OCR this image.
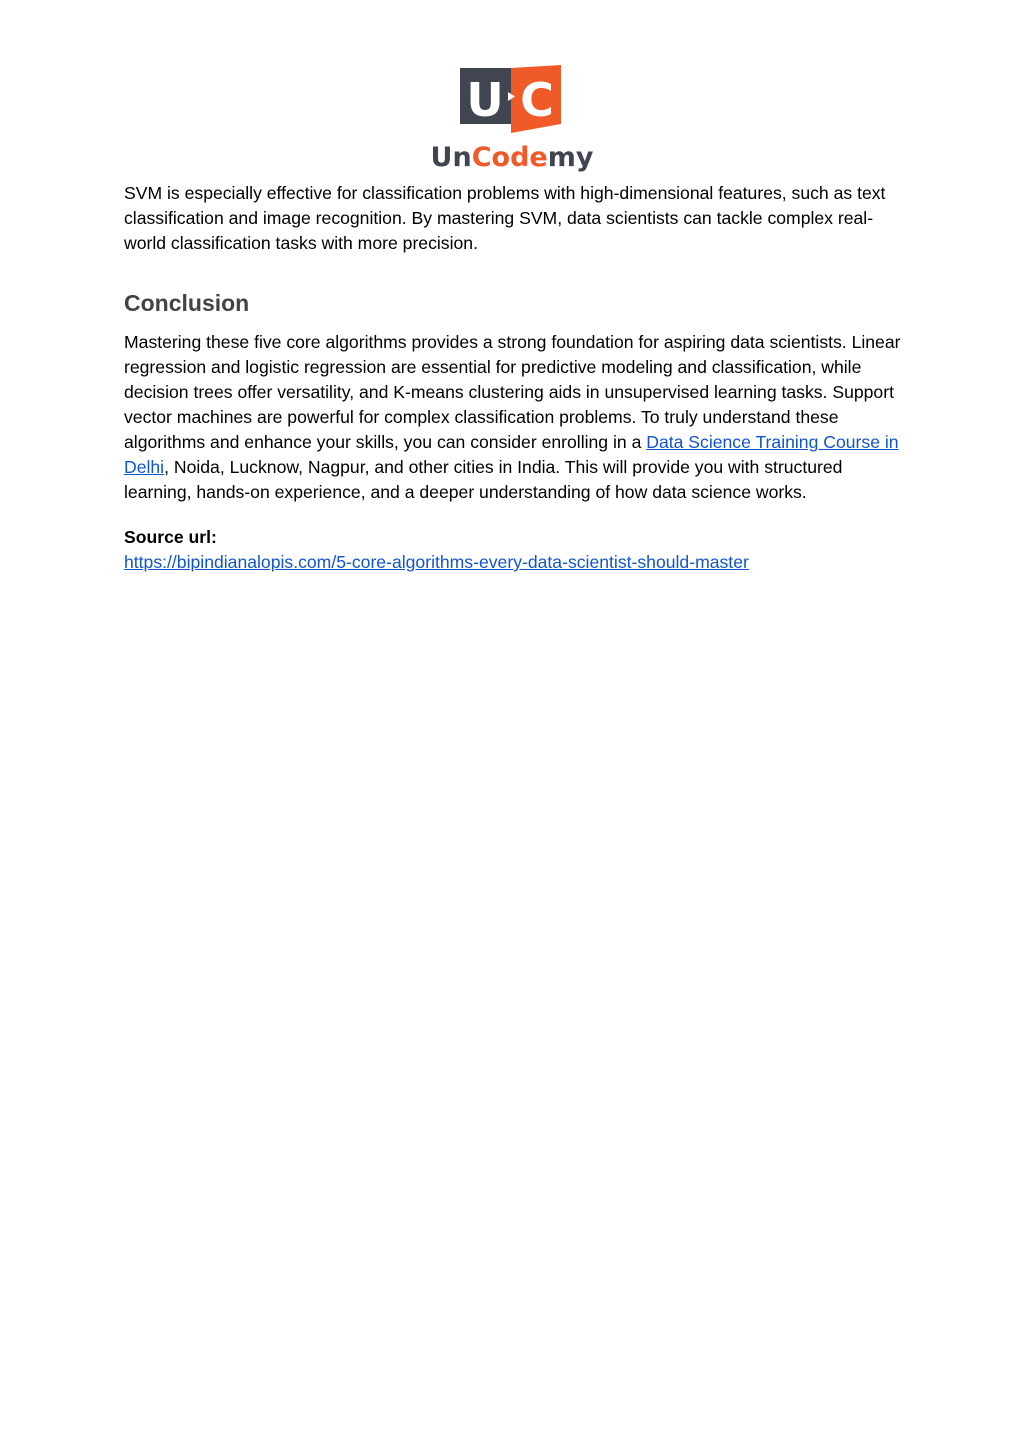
U C
UnCodemy

SVM is especially effective for classification problems with high-dimensional features, such as text classification and image recognition. By mastering SVM, data scientists can tackle complex real-world classification tasks with more precision.

Conclusion

Mastering these five core algorithms provides a strong foundation for aspiring data scientists. Linear regression and logistic regression are essential for predictive modeling and classification, while decision trees offer versatility, and K-means clustering aids in unsupervised learning tasks. Support vector machines are powerful for complex classification problems. To truly understand these algorithms and enhance your skills, you can consider enrolling in a Data Science Training Course in Delhi, Noida, Lucknow, Nagpur, and other cities in India. This will provide you with structured learning, hands-on experience, and a deeper understanding of how data science works.

Source url:
https://bipindianalopis.com/5-core-algorithms-every-data-scientist-should-master
